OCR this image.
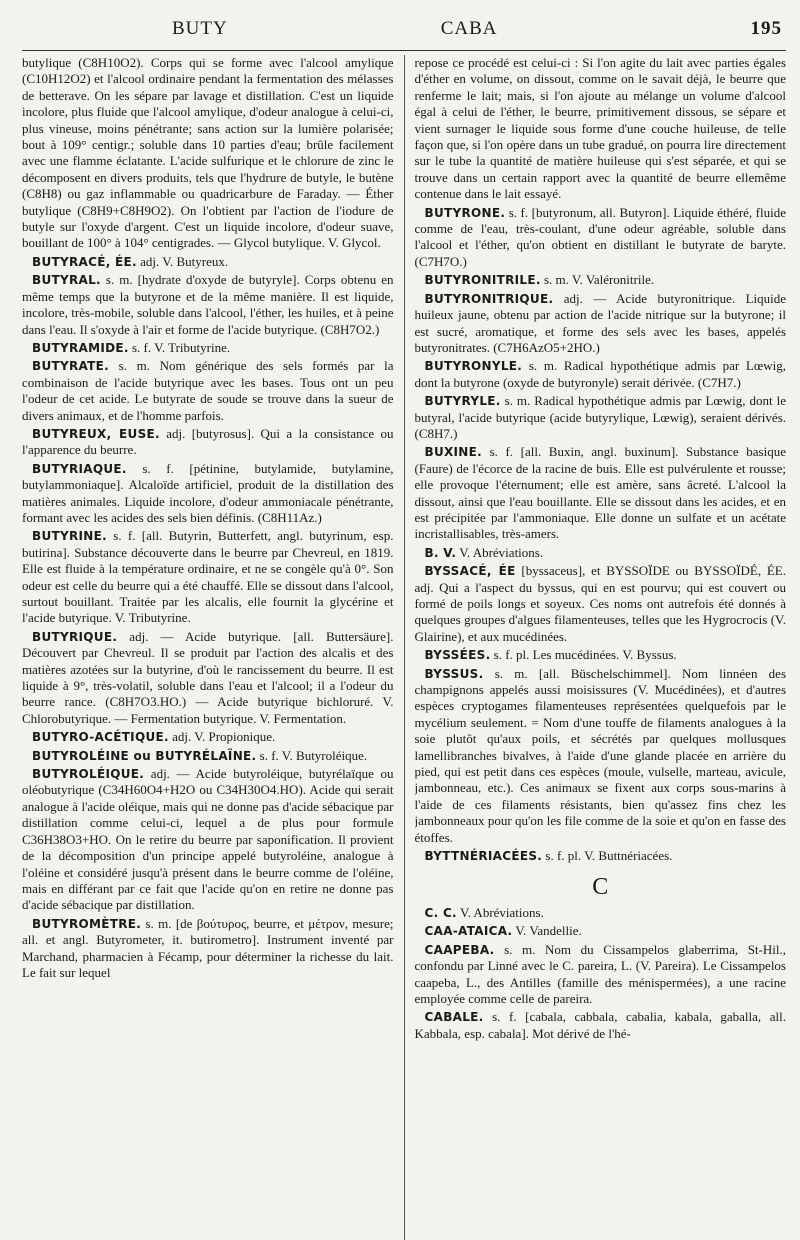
BUTY	CABA	195

butylique (C8H10O2). Corps qui se forme avec l'alcool amylique (C10H12O2) et l'alcool ordinaire pendant la fermentation des mélasses de betterave. On les sépare par lavage et distillation. C'est un liquide incolore, plus fluide que l'alcool amylique, d'odeur analogue à celui-ci, plus vineuse, moins pénétrante; sans action sur la lumière polarisée; bout à 109° centigr.; soluble dans 10 parties d'eau; brûle facilement avec une flamme éclatante. L'acide sulfurique et le chlorure de zinc le décomposent en divers produits, tels que l'hydrure de butyle, le butène (C8H8) ou gaz inflammable ou quadricarbure de Faraday. — Éther butylique (C8H9+C8H9O2). On l'obtient par l'action de l'iodure de butyle sur l'oxyde d'argent. C'est un liquide incolore, d'odeur suave, bouillant de 100° à 104° centigrades. — Glycol butylique. V. Glycol.

BUTYRACÉ, ÉE. adj. V. Butyreux.

BUTYRAL. s. m. [hydrate d'oxyde de butyryle]. Corps obtenu en même temps que la butyrone et de la même manière. Il est liquide, incolore, très-mobile, soluble dans l'alcool, l'éther, les huiles, et à peine dans l'eau. Il s'oxyde à l'air et forme de l'acide butyrique. (C8H7O2.)

BUTYRAMIDE. s. f. V. Tributyrine.

BUTYRATE. s. m. Nom générique des sels formés par la combinaison de l'acide butyrique avec les bases. Tous ont un peu l'odeur de cet acide. Le butyrate de soude se trouve dans la sueur de divers animaux, et de l'homme parfois.

BUTYREUX, EUSE. adj. [butyrosus]. Qui a la consistance ou l'apparence du beurre.

BUTYRIAQUE. s. f. [pétinine, butylamide, butylamine, butylammoniaque]. Alcaloïde artificiel, produit de la distillation des matières animales. Liquide incolore, d'odeur ammoniacale pénétrante, formant avec les acides des sels bien définis. (C8H11Az.)

BUTYRINE. s. f. [all. Butyrin, Butterfett, angl. butyrinum, esp. butirina]. Substance découverte dans le beurre par Chevreul, en 1819. Elle est fluide à la température ordinaire, et ne se congèle qu'à 0°. Son odeur est celle du beurre qui a été chauffé. Elle se dissout dans l'alcool, surtout bouillant. Traitée par les alcalis, elle fournit la glycérine et l'acide butyrique. V. Tributyrine.

BUTYRIQUE. adj. — Acide butyrique. [all. Buttersäure]. Découvert par Chevreul. Il se produit par l'action des alcalis et des matières azotées sur la butyrine, d'où le rancissement du beurre. Il est liquide à 9°, très-volatil, soluble dans l'eau et l'alcool; il a l'odeur du beurre rance. (C8H7O3.HO.) — Acide butyrique bichloruré. V. Chlorobutyrique. — Fermentation butyrique. V. Fermentation.

BUTYRO-ACÉTIQUE. adj. V. Propionique.

BUTYROLÉINE ou BUTYRÉLAÏNE. s. f. V. Butyroléique.

BUTYROLÉIQUE. adj. — Acide butyroléique, butyrélaïque ou oléobutyrique (C34H60O4+H2O ou C34H30O4.HO). Acide qui serait analogue à l'acide oléique, mais qui ne donne pas d'acide sébacique par distillation comme celui-ci, lequel a de plus pour formule C36H38O3+HO. On le retire du beurre par saponification. Il provient de la décomposition d'un principe appelé butyroléine, analogue à l'oléine et considéré jusqu'à présent dans le beurre comme de l'oléine, mais en différant par ce fait que l'acide qu'on en retire ne donne pas d'acide sébacique par distillation.

BUTYROMÈTRE. s. m. [de βούτυρος, beurre, et μέτρον, mesure; all. et angl. Butyrometer, it. butirometro]. Instrument inventé par Marchand, pharmacien à Fécamp, pour déterminer la richesse du lait. Le fait sur lequel

repose ce procédé est celui-ci : Si l'on agite du lait avec parties égales d'éther en volume, on dissout, comme on le savait déjà, le beurre que renferme le lait; mais, si l'on ajoute au mélange un volume d'alcool égal à celui de l'éther, le beurre, primitivement dissous, se sépare et vient surnager le liquide sous forme d'une couche huileuse, de telle façon que, si l'on opère dans un tube gradué, on pourra lire directement sur le tube la quantité de matière huileuse qui s'est séparée, et qui se trouve dans un certain rapport avec la quantité de beurre ellemême contenue dans le lait essayé.

BUTYRONE. s. f. [butyronum, all. Butyron]. Liquide éthéré, fluide comme de l'eau, très-coulant, d'une odeur agréable, soluble dans l'alcool et l'éther, qu'on obtient en distillant le butyrate de baryte. (C7H7O.)

BUTYRONITRILE. s. m. V. Valéronitrile.

BUTYRONITRIQUE. adj. — Acide butyronitrique. Liquide huileux jaune, obtenu par action de l'acide nitrique sur la butyrone; il est sucré, aromatique, et forme des sels avec les bases, appelés butyronitrates. (C7H6AzO5+2HO.)

BUTYRONYLE. s. m. Radical hypothétique admis par Lœwig, dont la butyrone (oxyde de butyronyle) serait dérivée. (C7H7.)

BUTYRYLE. s. m. Radical hypothétique admis par Lœwig, dont le butyral, l'acide butyrique (acide butyrylique, Lœwig), seraient dérivés. (C8H7.)

BUXINE. s. f. [all. Buxin, angl. buxinum]. Substance basique (Faure) de l'écorce de la racine de buis. Elle est pulvérulente et rousse; elle provoque l'éternument; elle est amère, sans âcreté. L'alcool la dissout, ainsi que l'eau bouillante. Elle se dissout dans les acides, et en est précipitée par l'ammoniaque. Elle donne un sulfate et un acétate incristallisables, très-amers.

B. V. V. Abréviations.

BYSSACÉ, ÉE [byssaceus], et BYSSOÏDE ou BYSSOÏDÉ, ÉE. adj. Qui a l'aspect du byssus, qui en est pourvu; qui est couvert ou formé de poils longs et soyeux. Ces noms ont autrefois été donnés à quelques groupes d'algues filamenteuses, telles que les Hygrocrocis (V. Glairine), et aux mucédinées.

BYSSÉES. s. f. pl. Les mucédinées. V. Byssus.

BYSSUS. s. m. [all. Büschelschimmel]. Nom linnéen des champignons appelés aussi moisissures (V. Mucédinées), et d'autres espèces cryptogames filamenteuses représentées quelquefois par le mycélium seulement. = Nom d'une touffe de filaments analogues à la soie plutôt qu'aux poils, et sécrétés par quelques mollusques lamellibranches bivalves, à l'aide d'une glande placée en arrière du pied, qui est petit dans ces espèces (moule, vulselle, marteau, avicule, jambonneau, etc.). Ces animaux se fixent aux corps sous-marins à l'aide de ces filaments résistants, bien qu'assez fins chez les jambonneaux pour qu'on les file comme de la soie et qu'on en fasse des étoffes.

BYTTNÉRIACÉES. s. f. pl. V. Buttnériacées.

C

C. C. V. Abréviations.

CAA-ATAICA. V. Vandellie.

CAAPEBA. s. m. Nom du Cissampelos glaberrima, St-Hil., confondu par Linné avec le C. pareira, L. (V. Pareira). Le Cissampelos caapeba, L., des Antilles (famille des ménispermées), a une racine employée comme celle de pareira.

CABALE. s. f. [cabala, cabbala, cabalia, kabala, gaballa, all. Kabbala, esp. cabala]. Mot dérivé de l'hé-
